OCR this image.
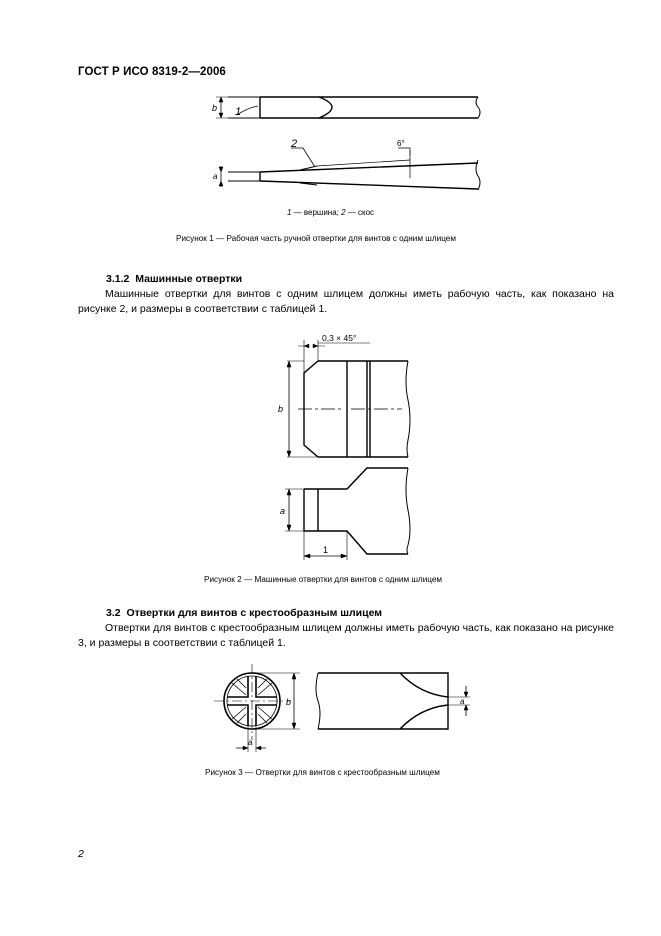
ГОСТ Р ИСО 8319-2—2006
b 1
a
2	6°
1 — вершина; 2 — скос
Рисунок 1 — Рабочая часть ручной отвертки для винтов с одним шлицем
3.1.2 Машинные отвертки
Машинные отвертки для винтов с одним шлицем должны иметь рабочую часть, как показано на рисунке 2, и размеры в соответствии с таблицей 1.
b
0,3 × 45°
a
1
Рисунок 2 — Машинные отвертки для винтов с одним шлицем
3.2 Отвертки для винтов с крестообразным шлицем
Отвертки для винтов с крестообразным шлицем должны иметь рабочую часть, как показано на рисунке 3, и размеры в соответствии с таблицей 1.
b
a
a
Рисунок 3 — Отвертки для винтов с крестообразным шлицем
2
